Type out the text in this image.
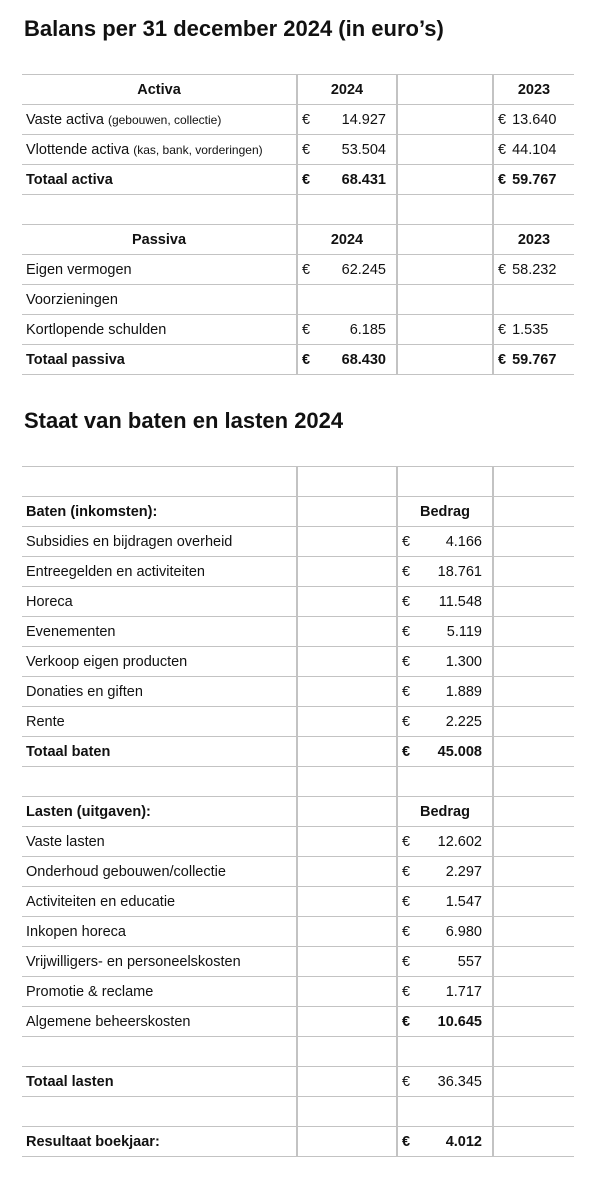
Balans per 31 december 2024 (in euro’s)
Activa	2024		2023
Vaste activa (gebouwen, collectie)	€ 14.927		€ 13.640

Vlottende activa (kas, bank, vorderingen)	€ 53.504		€ 44.104

Totaal activa	€ 68.431		€ 59.767

Passiva	2024		2023
Eigen vermogen	€ 62.245		€ 58.232

Voorzieningen			
Kortlopende schulden	€ 6.185		€ 1.535

Totaal passiva	€ 68.430		€ 59.767
Staat van baten en lasten 2024

Baten (inkomsten):		Bedrag	
Subsidies en bijdragen overheid		€ 4.166	

Entreegelden en activiteiten		€ 18.761	

Horeca		€ 11.548	

Evenementen		€ 5.119	

Verkoop eigen producten		€ 1.300	

Donaties en giften		€ 1.889	

Rente		€ 2.225	

Totaal baten		€ 45.008	

Lasten (uitgaven):		Bedrag	
Vaste lasten		€ 12.602	

Onderhoud gebouwen/collectie		€ 2.297	

Activiteiten en educatie		€ 1.547	

Inkopen horeca		€ 6.980	

Vrijwilligers- en personeelskosten		€ 557	

Promotie & reclame		€ 1.717	

Algemene beheerskosten		€ 10.645	

Totaal lasten		€ 36.345	

Resultaat boekjaar:		€ 4.012	
